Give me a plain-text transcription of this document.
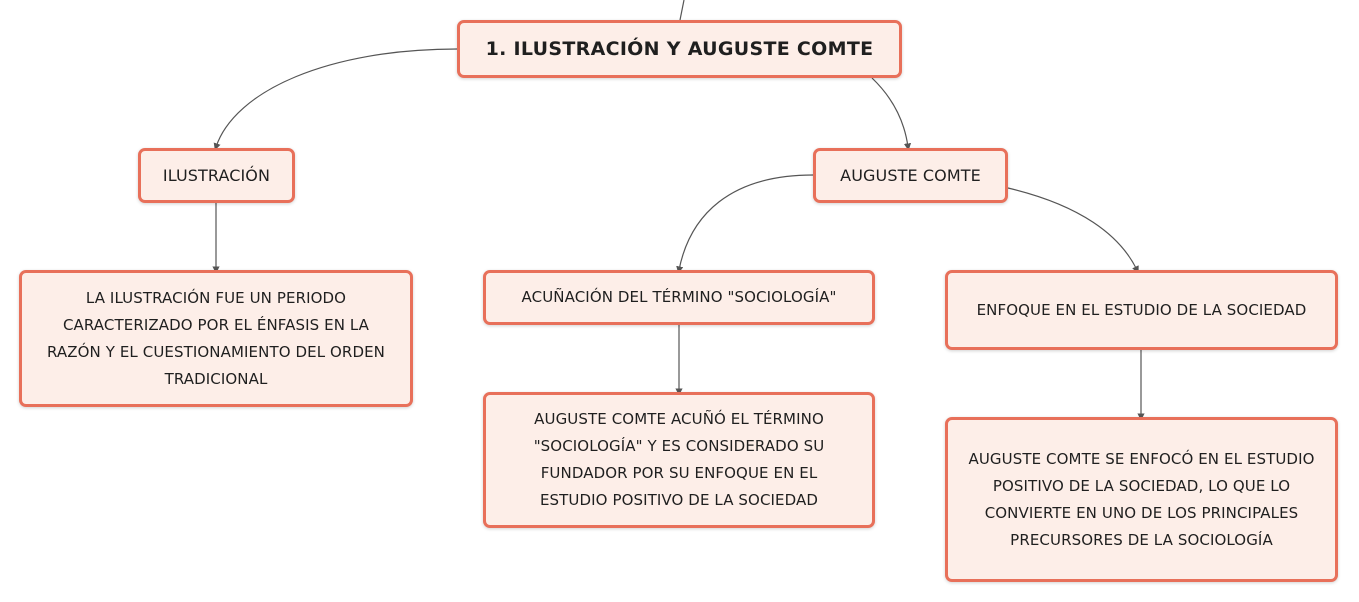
1. ILUSTRACIÓN Y AUGUSTE COMTE
ILUSTRACIÓN	AUGUSTE COMTE
LA ILUSTRACIÓN FUE UN PERIODO CARACTERIZADO POR EL ÉNFASIS EN LA RAZÓN Y EL CUESTIONAMIENTO DEL ORDEN TRADICIONAL
ACUÑACIÓN DEL TÉRMINO "SOCIOLOGÍA"
ENFOQUE EN EL ESTUDIO DE LA SOCIEDAD
AUGUSTE COMTE ACUÑÓ EL TÉRMINO "SOCIOLOGÍA" Y ES CONSIDERADO SU FUNDADOR POR SU ENFOQUE EN EL ESTUDIO POSITIVO DE LA SOCIEDAD
AUGUSTE COMTE SE ENFOCÓ EN EL ESTUDIO POSITIVO DE LA SOCIEDAD, LO QUE LO CONVIERTE EN UNO DE LOS PRINCIPALES PRECURSORES DE LA SOCIOLOGÍA
